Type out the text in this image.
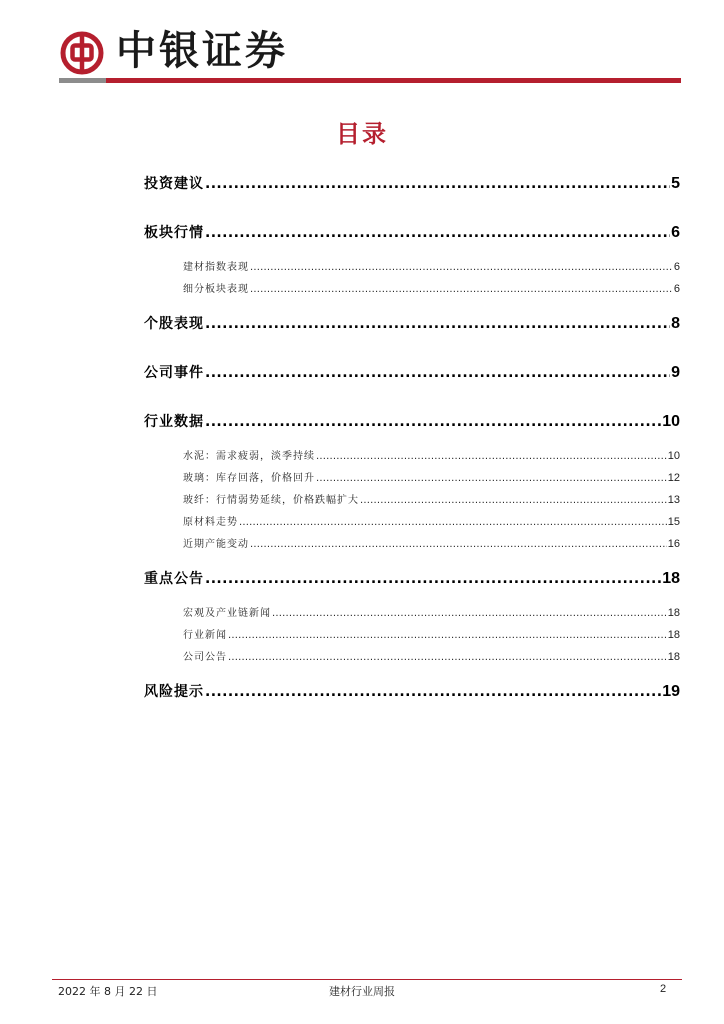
中银证券
目录
投资建议 .....	5
板块行情 .....	6
建材指数表现 .....	6
细分板块表现 .....	6
个股表现 .....	8
公司事件 .....	9
行业数据 .....	10
水泥：需求疲弱，淡季持续 .....	10
玻璃：库存回落，价格回升 .....	12
玻纤：行情弱势延续，价格跌幅扩大 .....	13
原材料走势 .....	15
近期产能变动 .....	16
重点公告 .....	18
宏观及产业链新闻 .....	18
行业新闻 .....	18
公司公告 .....	18
风险提示 .....	19
2022 年 8 月 22 日	建材行业周报	2
